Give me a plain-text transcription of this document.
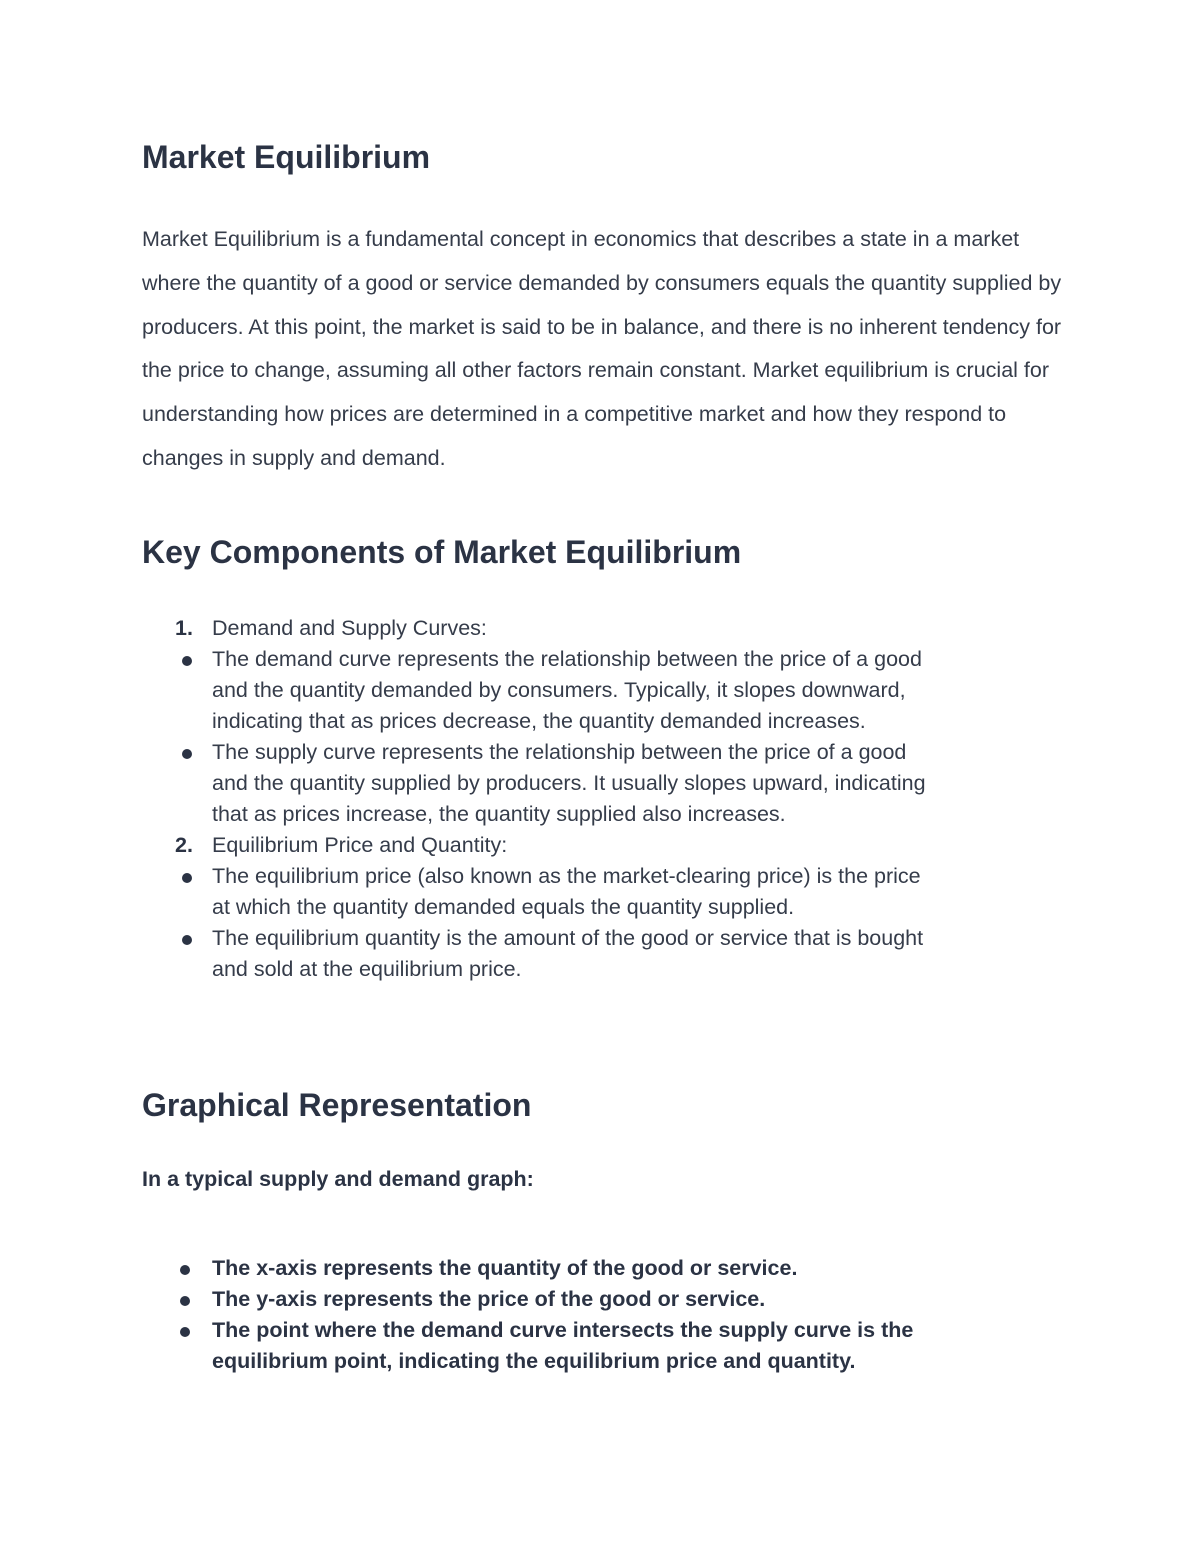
Market Equilibrium

Market Equilibrium is a fundamental concept in economics that describes a state in a market where the quantity of a good or service demanded by consumers equals the quantity supplied by producers. At this point, the market is said to be in balance, and there is no inherent tendency for the price to change, assuming all other factors remain constant. Market equilibrium is crucial for understanding how prices are determined in a competitive market and how they respond to changes in supply and demand.

Key Components of Market Equilibrium
1. Demand and Supply Curves:
The demand curve represents the relationship between the price of a good and the quantity demanded by consumers. Typically, it slopes downward, indicating that as prices decrease, the quantity demanded increases.
The supply curve represents the relationship between the price of a good and the quantity supplied by producers. It usually slopes upward, indicating that as prices increase, the quantity supplied also increases.
2. Equilibrium Price and Quantity:
The equilibrium price (also known as the market-clearing price) is the price at which the quantity demanded equals the quantity supplied.
The equilibrium quantity is the amount of the good or service that is bought and sold at the equilibrium price.
Graphical Representation

In a typical supply and demand graph:

The x-axis represents the quantity of the good or service.
The y-axis represents the price of the good or service.
The point where the demand curve intersects the supply curve is the equilibrium point, indicating the equilibrium price and quantity.
